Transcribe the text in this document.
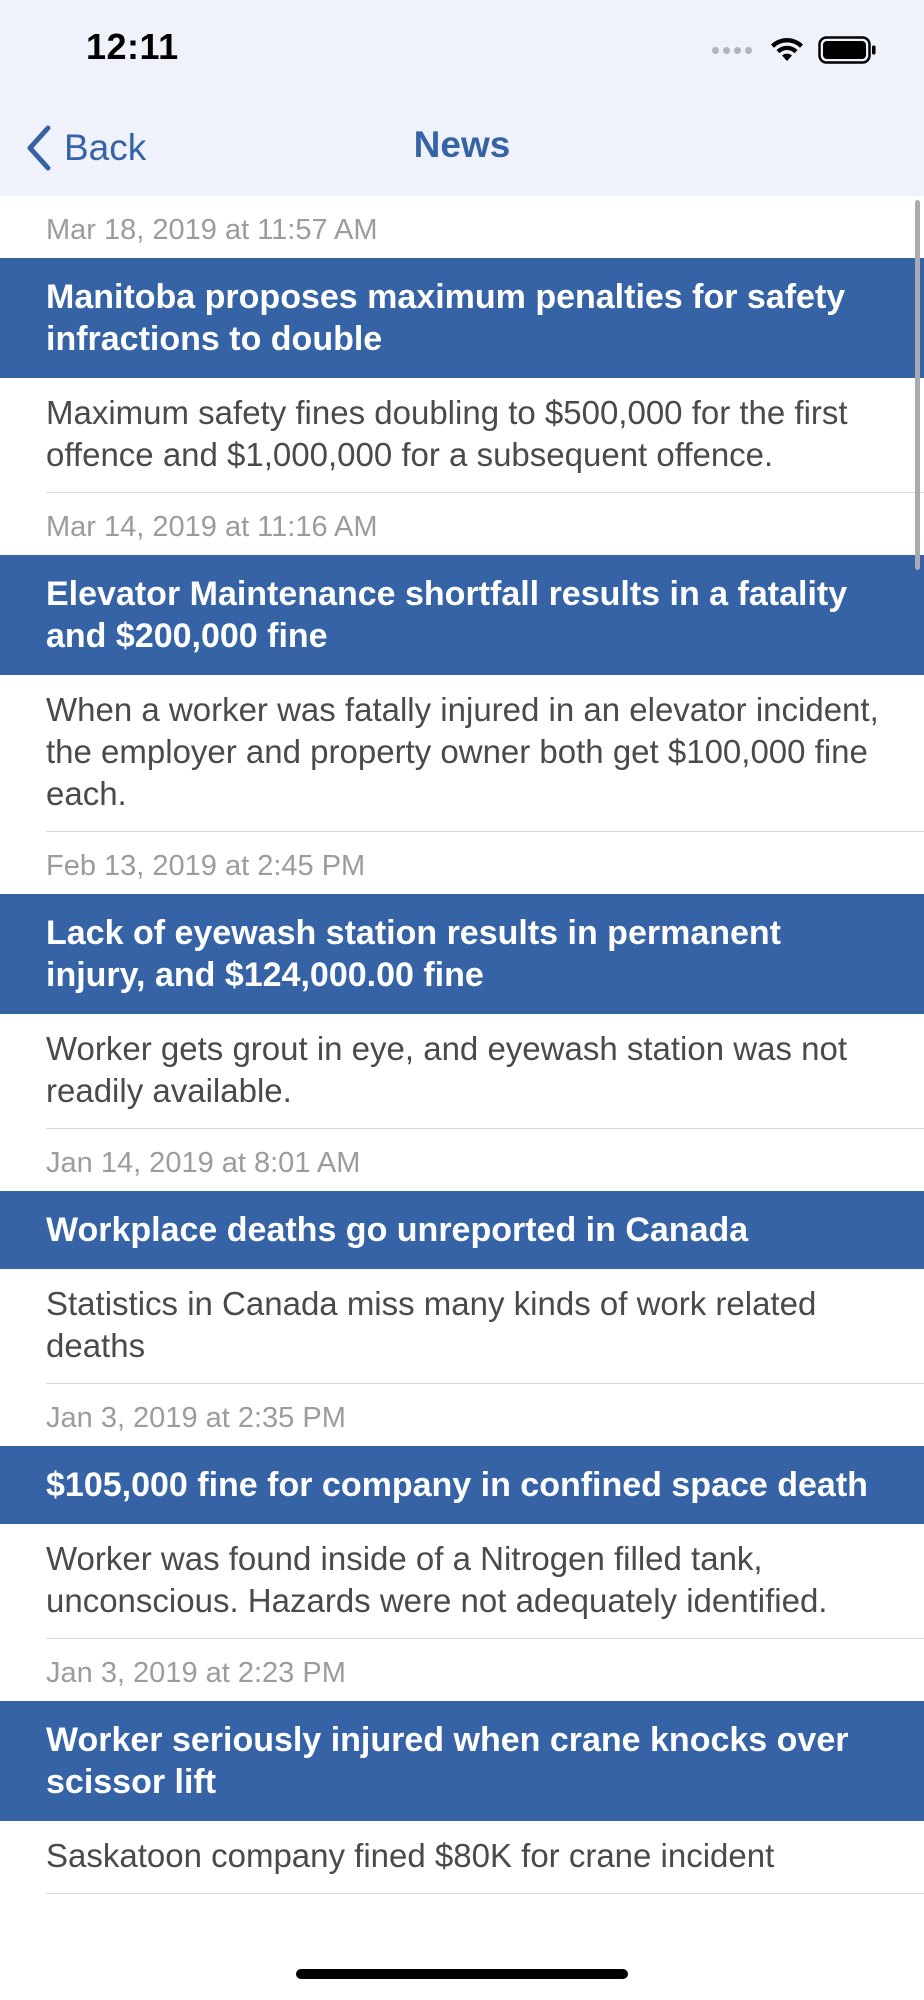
12:11
Back	News
Mar 18, 2019 at 11:57 AM
Manitoba proposes maximum penalties for safety infractions to double
Maximum safety fines doubling to $500,000 for the first offence and $1,000,000 for a subsequent offence.
Mar 14, 2019 at 11:16 AM
Elevator Maintenance shortfall results in a fatality and $200,000 fine
When a worker was fatally injured in an elevator incident, the employer and property owner both get $100,000 fine each.
Feb 13, 2019 at 2:45 PM
Lack of eyewash station results in permanent injury, and $124,000.00 fine
Worker gets grout in eye, and eyewash station was not readily available.
Jan 14, 2019 at 8:01 AM
Workplace deaths go unreported in Canada
Statistics in Canada miss many kinds of work related deaths
Jan 3, 2019 at 2:35 PM
$105,000 fine for company in confined space death
Worker was found inside of a Nitrogen filled tank, unconscious. Hazards were not adequately identified.
Jan 3, 2019 at 2:23 PM
Worker seriously injured when crane knocks over scissor lift
Saskatoon company fined $80K for crane incident
